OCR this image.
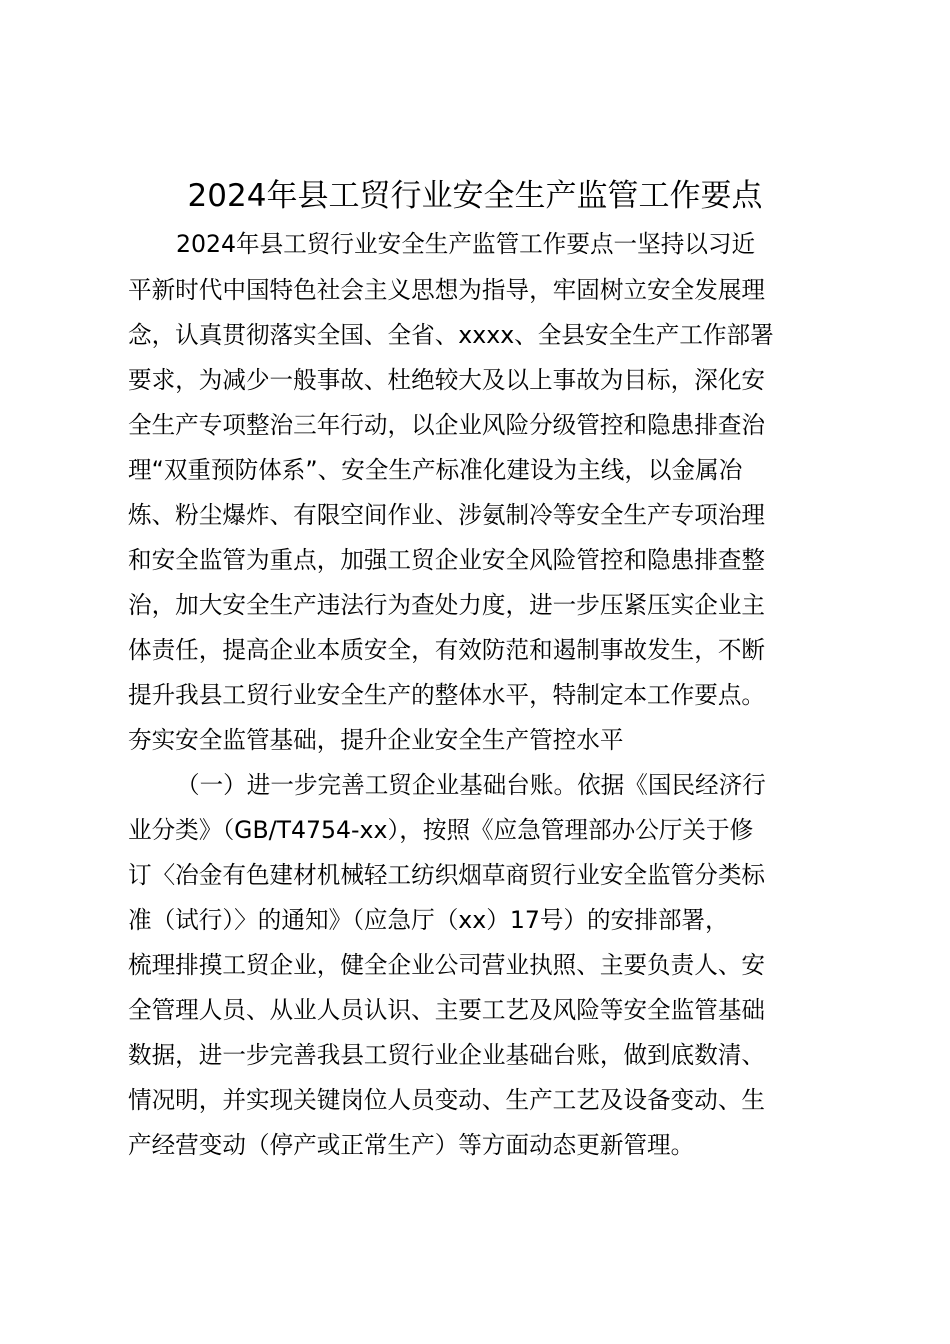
2024年县工贸行业安全生产监管工作要点
2024年县工贸行业安全生产监管工作要点一坚持以习近
平新时代中国特色社会主义思想为指导，牢固树立安全发展理
念，认真贯彻落实全国、全省、xxxx、全县安全生产工作部署
要求，为减少一般事故、杜绝较大及以上事故为目标，深化安
全生产专项整治三年行动，以企业风险分级管控和隐患排查治
理“双重预防体系”、安全生产标准化建设为主线，以金属冶
炼、粉尘爆炸、有限空间作业、涉氨制冷等安全生产专项治理
和安全监管为重点，加强工贸企业安全风险管控和隐患排查整
治，加大安全生产违法行为查处力度，进一步压紧压实企业主
体责任，提高企业本质安全，有效防范和遏制事故发生，不断
提升我县工贸行业安全生产的整体水平，特制定本工作要点。
夯实安全监管基础，提升企业安全生产管控水平
（一）进一步完善工贸企业基础台账。依据《国民经济行
业分类》（GB/T4754-xx），按照《应急管理部办公厅关于修
订〈冶金有色建材机械轻工纺织烟草商贸行业安全监管分类标
准（试行）〉的通知》（应急厅（xx）17号）的安排部署，
梳理排摸工贸企业，健全企业公司营业执照、主要负责人、安
全管理人员、从业人员认识、主要工艺及风险等安全监管基础
数据，进一步完善我县工贸行业企业基础台账，做到底数清、
情况明，并实现关键岗位人员变动、生产工艺及设备变动、生
产经营变动（停产或正常生产）等方面动态更新管理。
